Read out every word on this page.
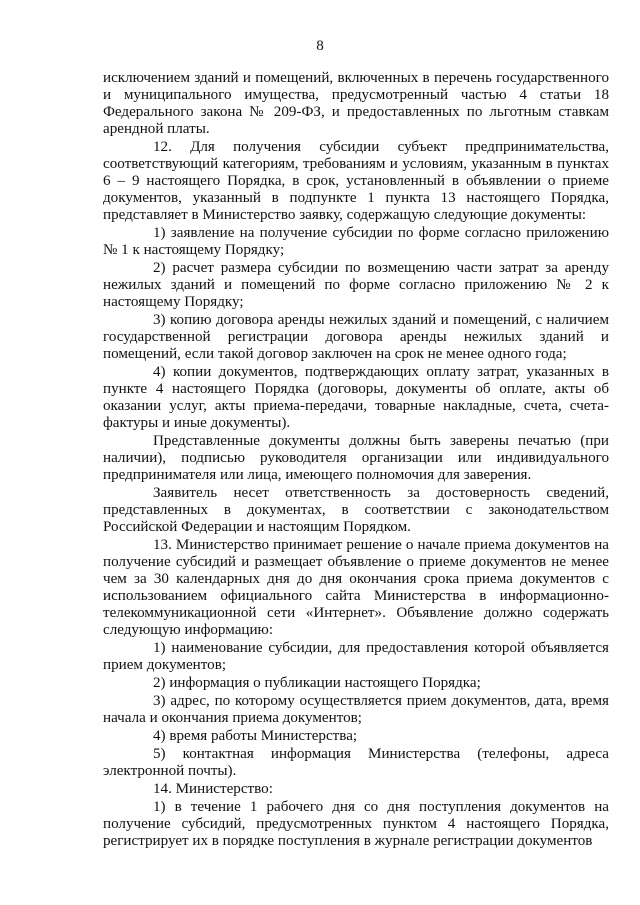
8

исключением зданий и помещений, включенных в перечень государственного и муниципального имущества, предусмотренный частью 4 статьи 18 Федерального закона № 209-ФЗ, и предоставленных по льготным ставкам арендной платы.

12. Для получения субсидии субъект предпринимательства, соответствующий категориям, требованиям и условиям, указанным в пунктах 6 – 9 настоящего Порядка, в срок, установленный в объявлении о приеме документов, указанный в подпункте 1 пункта 13 настоящего Порядка, представляет в Министерство заявку, содержащую следующие документы:

1) заявление на получение субсидии по форме согласно приложению № 1 к настоящему Порядку;

2) расчет размера субсидии по возмещению части затрат за аренду нежилых зданий и помещений по форме согласно приложению № 2 к настоящему Порядку;

3) копию договора аренды нежилых зданий и помещений, с наличием государственной регистрации договора аренды нежилых зданий и помещений, если такой договор заключен на срок не менее одного года;

4) копии документов, подтверждающих оплату затрат, указанных в пункте 4 настоящего Порядка (договоры, документы об оплате, акты об оказании услуг, акты приема-передачи, товарные накладные, счета, счета-фактуры и иные документы).

Представленные документы должны быть заверены печатью (при наличии), подписью руководителя организации или индивидуального предпринимателя или лица, имеющего полномочия для заверения.

Заявитель несет ответственность за достоверность сведений, представленных в документах, в соответствии с законодательством Российской Федерации и настоящим Порядком.

13. Министерство принимает решение о начале приема документов на получение субсидий и размещает объявление о приеме документов не менее чем за 30 календарных дня до дня окончания срока приема документов с использованием официального сайта Министерства в информационно-телекоммуникационной сети «Интернет». Объявление должно содержать следующую информацию:

1) наименование субсидии, для предоставления которой объявляется прием документов;

2) информация о публикации настоящего Порядка;

3) адрес, по которому осуществляется прием документов, дата, время начала и окончания приема документов;

4) время работы Министерства;

5) контактная информация Министерства (телефоны, адреса электронной почты).

14. Министерство:

1) в течение 1 рабочего дня со дня поступления документов на получение субсидий, предусмотренных пунктом 4 настоящего Порядка, регистрирует их в порядке поступления в журнале регистрации документов
